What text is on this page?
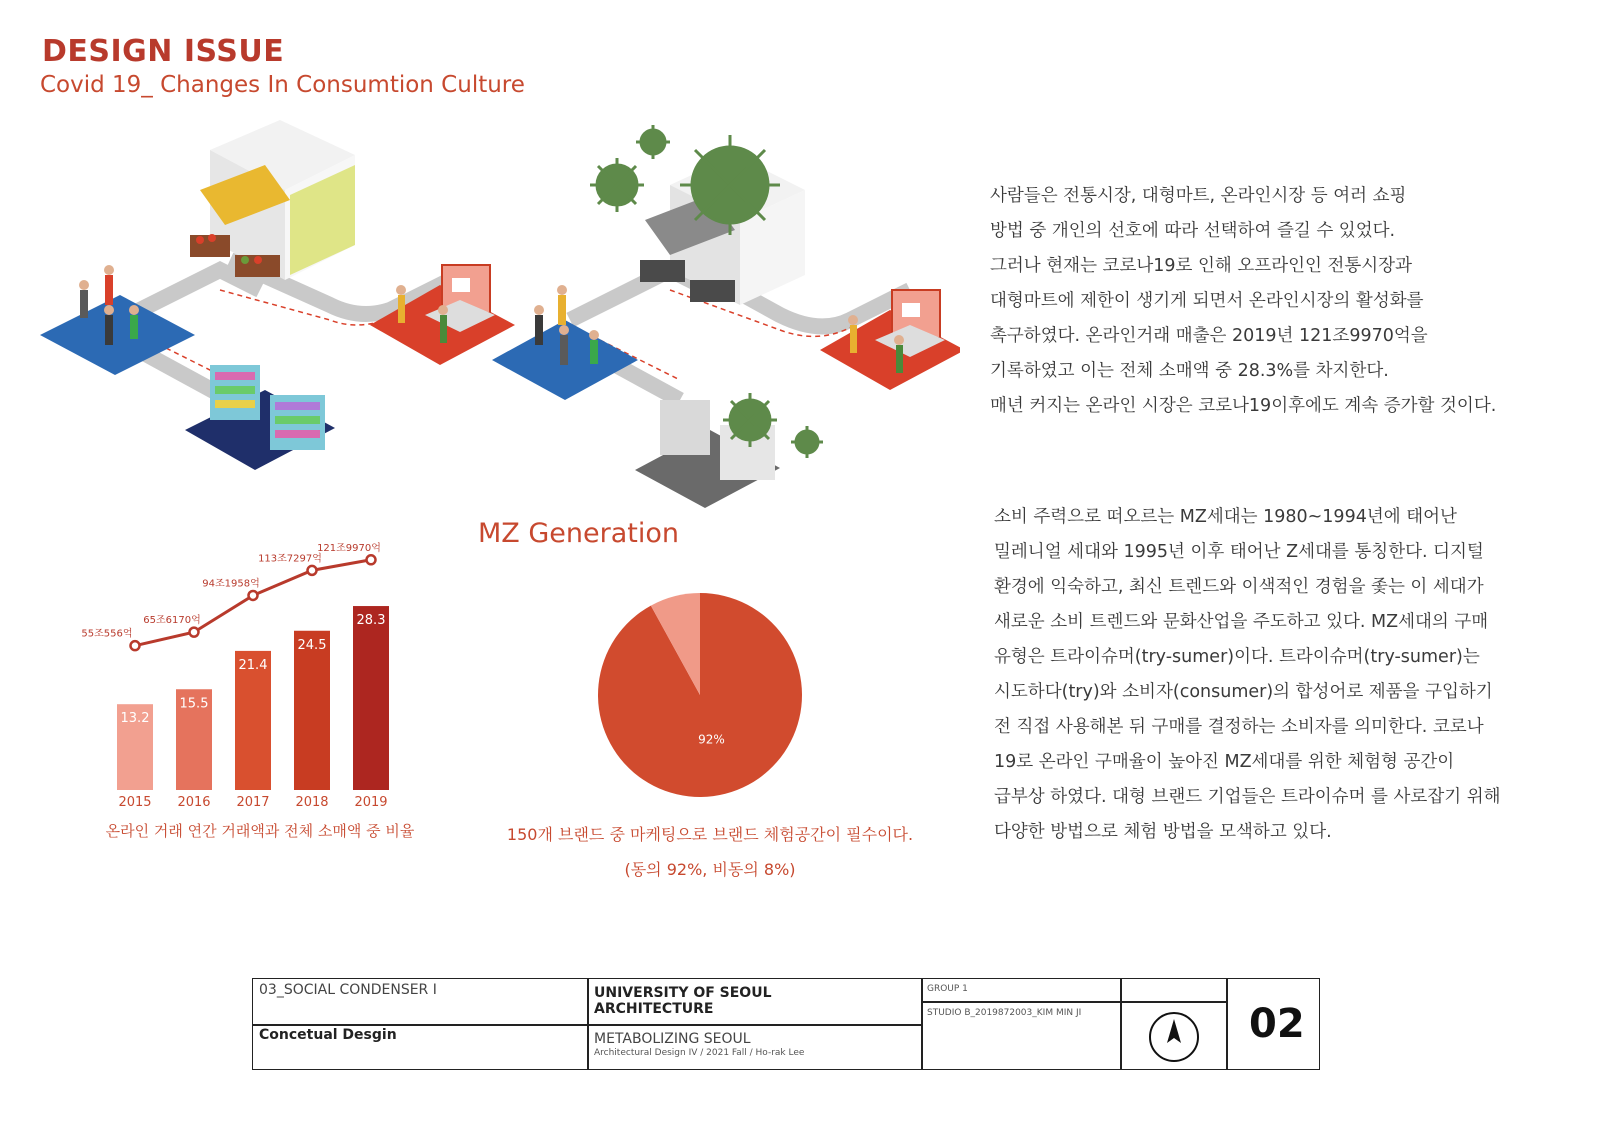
DESIGN ISSUE
Covid 19_ Changes In Consumtion Culture
사람들은 전통시장, 대형마트, 온라인시장 등 여러 쇼핑
방법 중 개인의 선호에 따라 선택하여 즐길 수 있었다.
그러나 현재는 코로나19로 인해 오프라인인 전통시장과
대형마트에 제한이 생기게 되면서 온라인시장의 활성화를
촉구하였다. 온라인거래 매출은 2019년 121조9970억을
기록하였고 이는 전체 소매액 중 28.3%를 차지한다.
매년 커지는 온라인 시장은 코로나19이후에도 계속 증가할 것이다.
소비 주력으로 떠오르는 MZ세대는 1980~1994년에 태어난
밀레니얼 세대와 1995년 이후 태어난 Z세대를 통칭한다. 디지털
환경에 익숙하고, 최신 트렌드와 이색적인 경험을 좇는 이 세대가
새로운 소비 트렌드와 문화산업을 주도하고 있다. MZ세대의 구매
유형은 트라이슈머(try-sumer)이다. 트라이슈머(try-sumer)는
시도하다(try)와 소비자(consumer)의 합성어로 제품을 구입하기
전 직접 사용해본 뒤 구매를 결정하는 소비자를 의미한다. 코로나
19로 온라인 구매율이 높아진 MZ세대를 위한 체험형 공간이
급부상 하였다. 대형 브랜드 기업들은 트라이슈머 를 사로잡기 위해
다양한 방법으로 체험 방법을 모색하고 있다.
MZ Generation
13.2
2015
15.5
2016
21.4
2017
24.5
2018
28.3
2019
55조556억
65조6170억
94조1958억
113조7297억
121조9970억
온라인 거래 연간 거래액과 전체 소매액 중 비율
92%
150개 브랜드 중 마케팅으로 브랜드 체험공간이 필수이다.
(동의 92%, 비동의 8%)
03_SOCIAL CONDENSER I
Concetual Desgin
UNIVERSITY OF SEOUL
ARCHITECTURE
METABOLIZING SEOUL
Architectural Design IV / 2021 Fall / Ho-rak Lee
GROUP 1
STUDIO B_2019872003_KIM MIN JI	02
